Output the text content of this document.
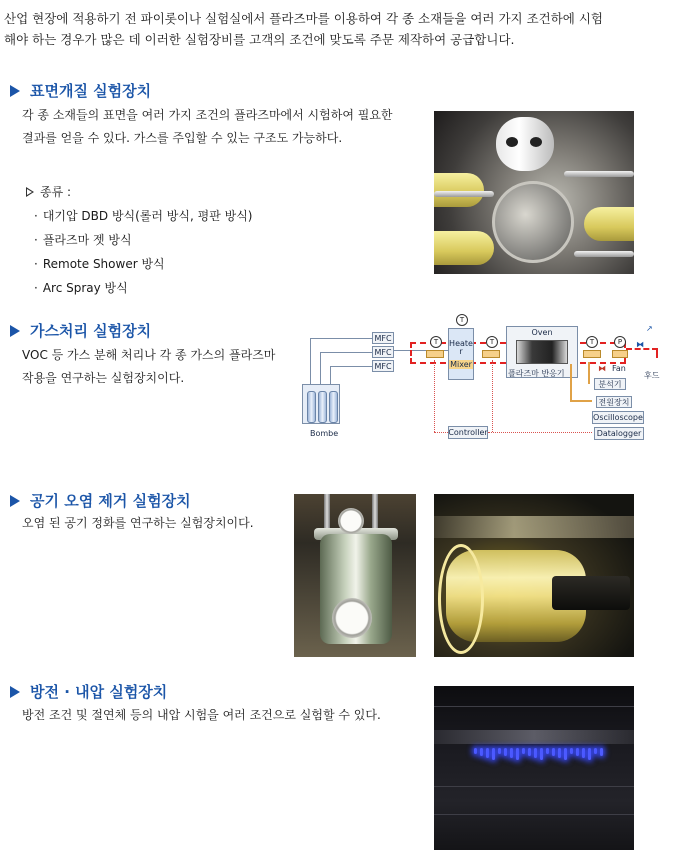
산업 현장에 적용하기 전 파이롯이나 실험실에서 플라즈마를 이용하여 각 종 소재들을 여러 가지 조건하에 시험

해야 하는 경우가 많은 데 이러한 실험장비를 고객의 조건에 맞도록 주문 제작하여 공급합니다.

표면개질 실험장치

각 종 소재들의 표면을 여러 가지 조건의 플라즈마에서 시험하여 필요한

결과를 얻을 수 있다. 가스를 주입할 수 있는 구조도 가능하다.

종류 :
· 대기압 DBD 방식(롤러 방식, 평판 방식)
· 플라즈마 젯 방식
· Remote Shower 방식
· Arc Spray 방식
가스처리 실험장치

VOC 등 가스 분해 처리나 각 종 가스의 플라즈마

작용을 연구하는 실험장치이다.

MFC
MFC
MFC
Bombe
T
T
Heate r
Mixer
T
Oven
플라즈마 반응기
T	P
⧓ Fan
⧓
↗
후드
분석기
전원장치
Oscilloscope
Datalogger
Controller
공기 오염 제거 실험장치

오염 된 공기 정화를 연구하는 실험장치이다.

방전 · 내압 실험장치

방전 조건 및 절연체 등의 내압 시험을 여러 조건으로 실험할 수 있다.
